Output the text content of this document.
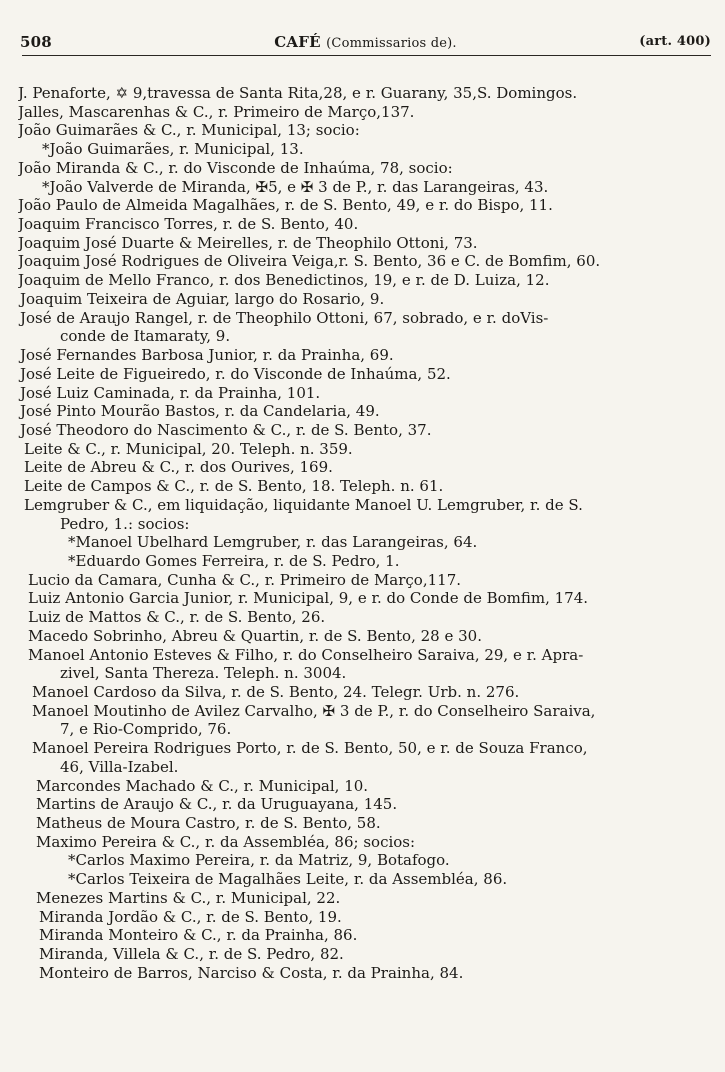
508	CAFÉ (Commissarios de).	(art. 400)
J. Penaforte, ✡ 9,travessa de Santa Rita,28, e r. Guarany, 35,S. Domingos.
Jalles, Mascarenhas & C., r. Primeiro de Março,137.
João Guimarães & C., r. Municipal, 13; socio:
*João Guimarães, r. Municipal, 13.
João Miranda & C., r. do Visconde de Inhaúma, 78, socio:
*João Valverde de Miranda, ✠5, e ✠ 3 de P., r. das Larangeiras, 43.
João Paulo de Almeida Magalhães, r. de S. Bento, 49, e r. do Bispo, 11.
Joaquim Francisco Torres, r. de S. Bento, 40.
Joaquim José Duarte & Meirelles, r. de Theophilo Ottoni, 73.
Joaquim José Rodrigues de Oliveira Veiga,r. S. Bento, 36 e C. de Bomfim, 60.
Joaquim de Mello Franco, r. dos Benedictinos, 19, e r. de D. Luiza, 12.
Joaquim Teixeira de Aguiar, largo do Rosario, 9.
José de Araujo Rangel, r. de Theophilo Ottoni, 67, sobrado, e r. doVis-
conde de Itamaraty, 9.
José Fernandes Barbosa Junior, r. da Prainha, 69.
José Leite de Figueiredo, r. do Visconde de Inhaúma, 52.
José Luiz Caminada, r. da Prainha, 101.
José Pinto Mourão Bastos, r. da Candelaria, 49.
José Theodoro do Nascimento & C., r. de S. Bento, 37.
Leite & C., r. Municipal, 20. Teleph. n. 359.
Leite de Abreu & C., r. dos Ourives, 169.
Leite de Campos & C., r. de S. Bento, 18. Teleph. n. 61.
Lemgruber & C., em liquidação, liquidante Manoel U. Lemgruber, r. de S.
Pedro, 1.: socios:
*Manoel Ubelhard Lemgruber, r. das Larangeiras, 64.
*Eduardo Gomes Ferreira, r. de S. Pedro, 1.
Lucio da Camara, Cunha & C., r. Primeiro de Março,117.
Luiz Antonio Garcia Junior, r. Municipal, 9, e r. do Conde de Bomfim, 174.
Luiz de Mattos & C., r. de S. Bento, 26.
Macedo Sobrinho, Abreu & Quartin, r. de S. Bento, 28 e 30.
Manoel Antonio Esteves & Filho, r. do Conselheiro Saraiva, 29, e r. Apra-
zivel, Santa Thereza. Teleph. n. 3004.
Manoel Cardoso da Silva, r. de S. Bento, 24. Telegr. Urb. n. 276.
Manoel Moutinho de Avilez Carvalho, ✠ 3 de P., r. do Conselheiro Saraiva,
7, e Rio-Comprido, 76.
Manoel Pereira Rodrigues Porto, r. de S. Bento, 50, e r. de Souza Franco,
46, Villa-Izabel.
Marcondes Machado & C., r. Municipal, 10.
Martins de Araujo & C., r. da Uruguayana, 145.
Matheus de Moura Castro, r. de S. Bento, 58.
Maximo Pereira & C., r. da Assembléa, 86; socios:
*Carlos Maximo Pereira, r. da Matriz, 9, Botafogo.
*Carlos Teixeira de Magalhães Leite, r. da Assembléa, 86.
Menezes Martins & C., r. Municipal, 22.
Miranda Jordão & C., r. de S. Bento, 19.
Miranda Monteiro & C., r. da Prainha, 86.
Miranda, Villela & C., r. de S. Pedro, 82.
Monteiro de Barros, Narciso & Costa, r. da Prainha, 84.
